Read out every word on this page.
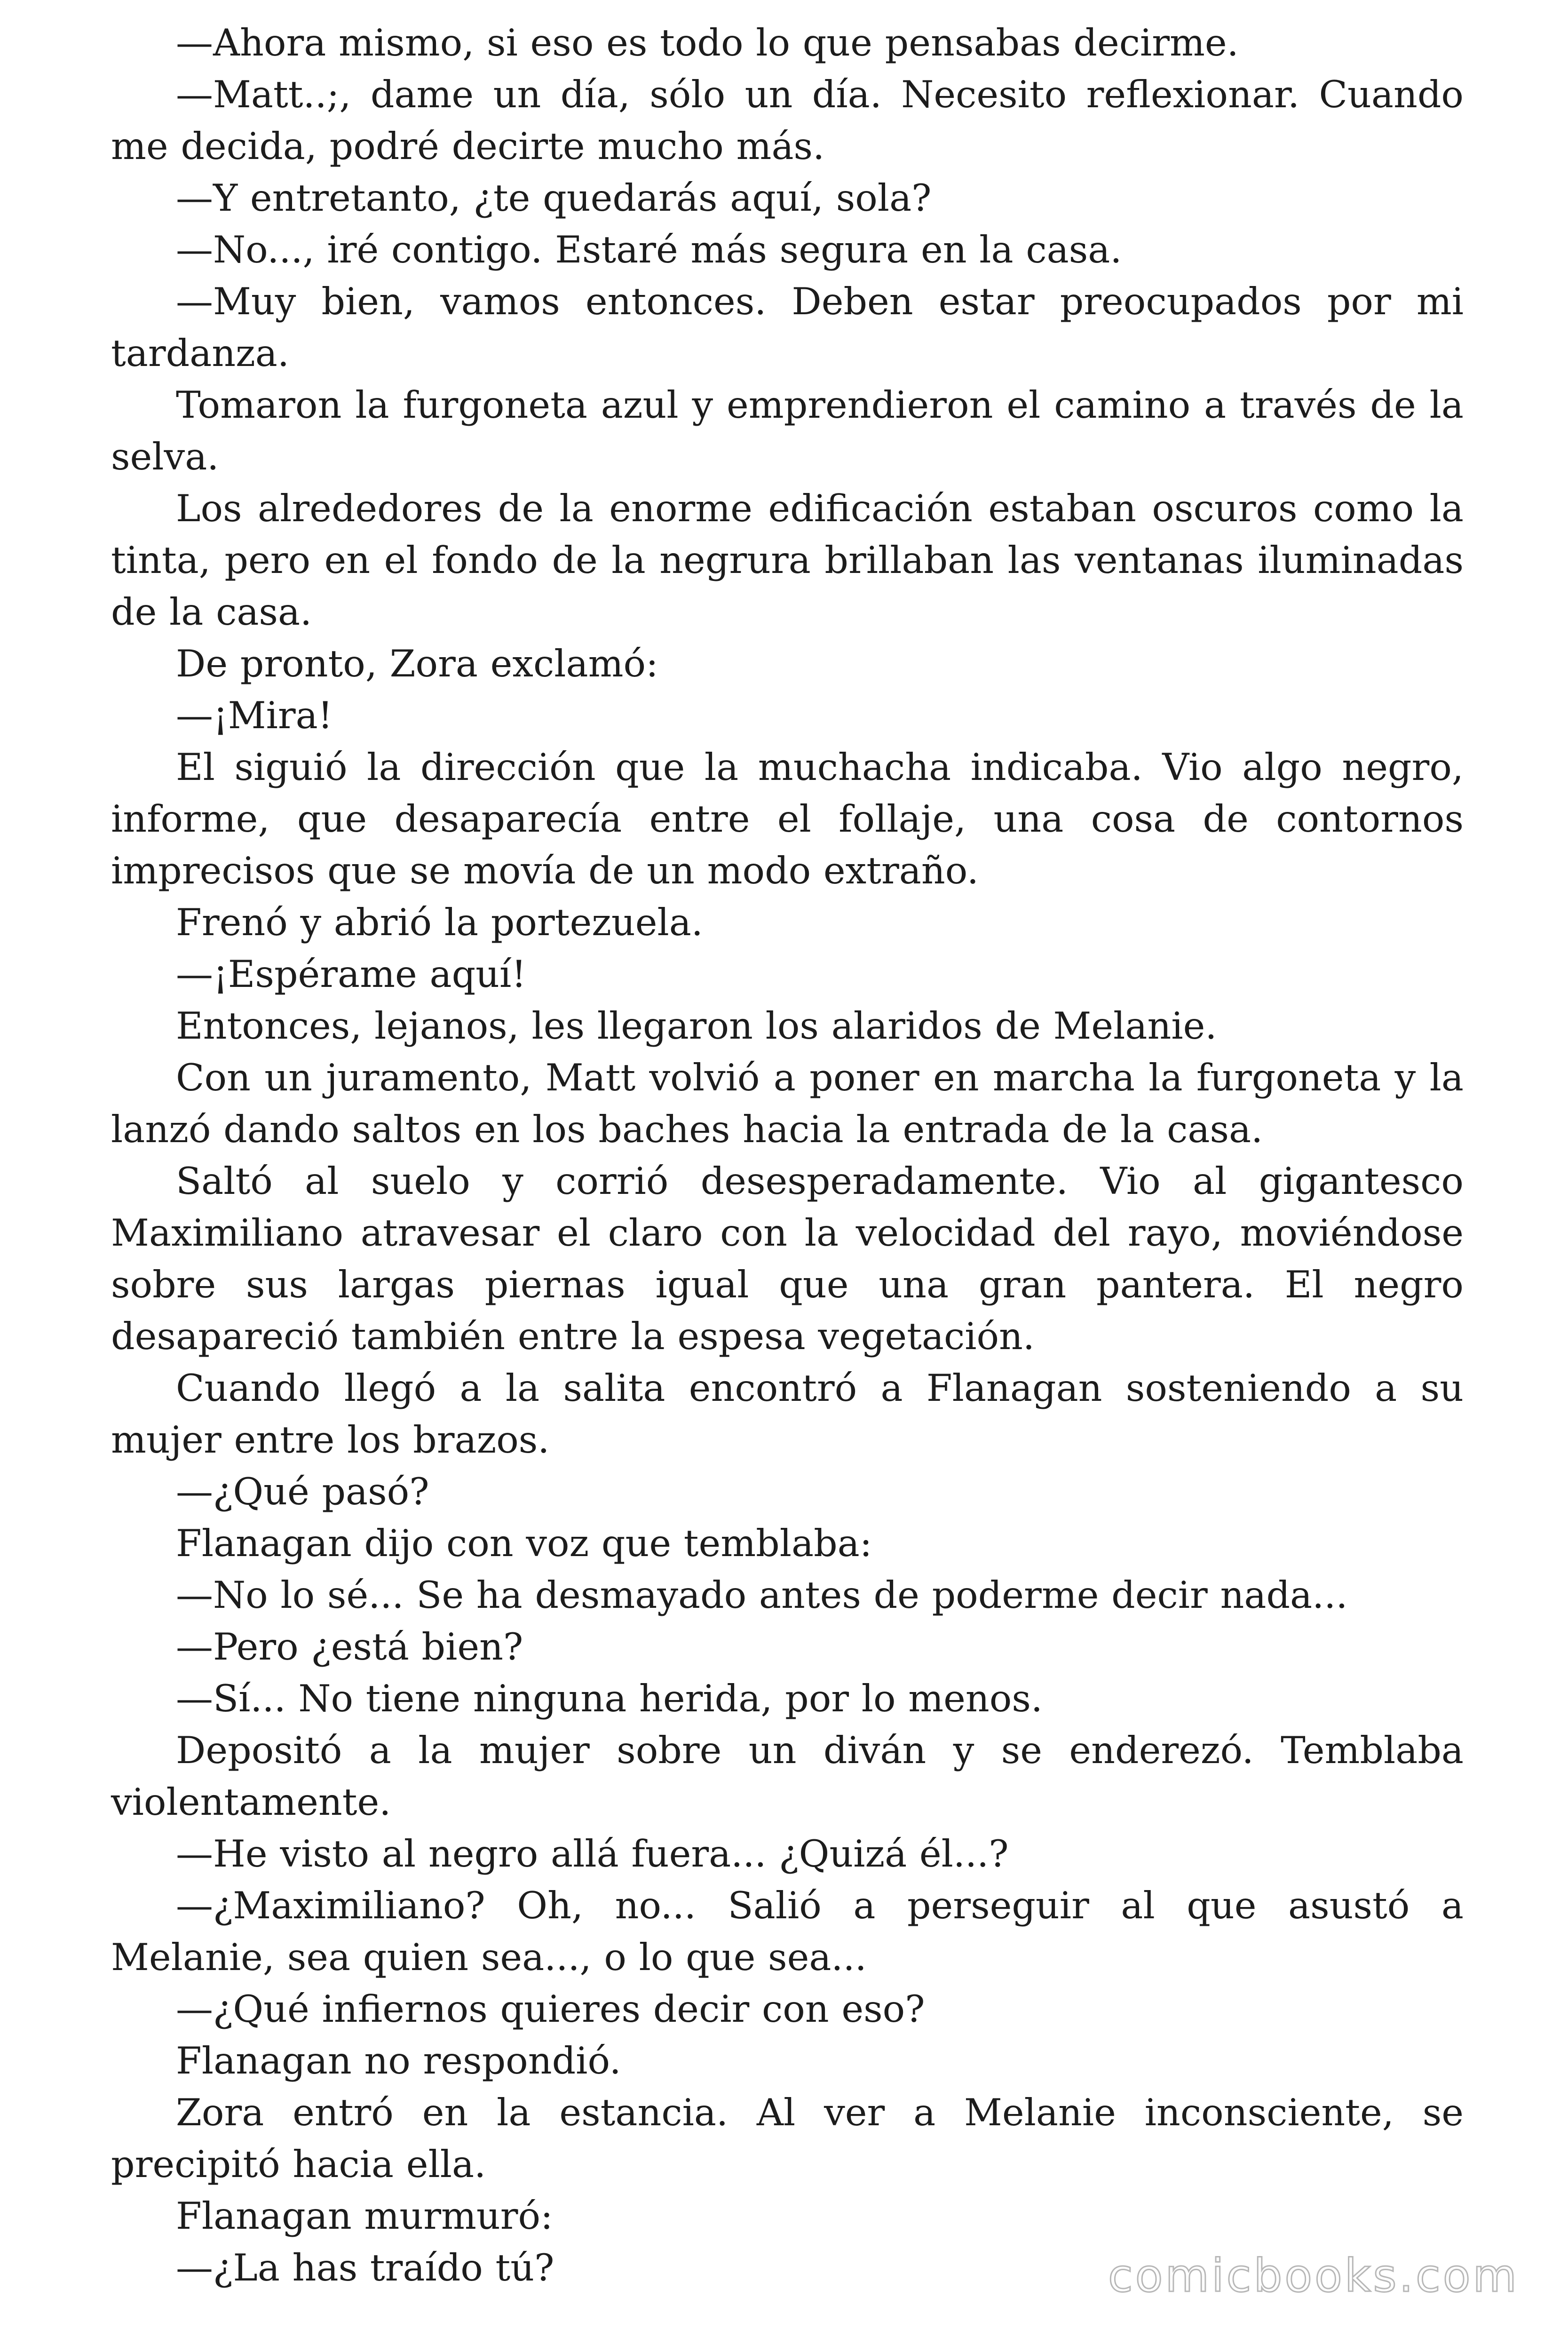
—Ahora mismo, si eso es todo lo que pensabas decirme.

—Matt..;, dame un día, sólo un día. Necesito reflexionar. Cuando me decida, podré decirte mucho más.

—Y entretanto, ¿te quedarás aquí, sola?

—No..., iré contigo. Estaré más segura en la casa.

—Muy bien, vamos entonces. Deben estar preocupados por mi tardanza.

Tomaron la furgoneta azul y emprendieron el camino a través de la selva.

Los alrededores de la enorme edificación estaban oscuros como la tinta, pero en el fondo de la negrura brillaban las ventanas iluminadas de la casa.

De pronto, Zora exclamó:

—¡Mira!

El siguió la dirección que la muchacha indicaba. Vio algo negro, informe, que desaparecía entre el follaje, una cosa de contornos imprecisos que se movía de un modo extraño.

Frenó y abrió la portezuela.

—¡Espérame aquí!

Entonces, lejanos, les llegaron los alaridos de Melanie.

Con un juramento, Matt volvió a poner en marcha la furgoneta y la lanzó dando saltos en los baches hacia la entrada de la casa.

Saltó al suelo y corrió desesperadamente. Vio al gigantesco Maximiliano atravesar el claro con la velocidad del rayo, moviéndose sobre sus largas piernas igual que una gran pantera. El negro desapareció también entre la espesa vegetación.

Cuando llegó a la salita encontró a Flanagan sosteniendo a su mujer entre los brazos.

—¿Qué pasó?

Flanagan dijo con voz que temblaba:

—No lo sé... Se ha desmayado antes de poderme decir nada...

—Pero ¿está bien?

—Sí... No tiene ninguna herida, por lo menos.

Depositó a la mujer sobre un diván y se enderezó. Temblaba violentamente.

—He visto al negro allá fuera... ¿Quizá él...?

—¿Maximiliano? Oh, no... Salió a perseguir al que asustó a Melanie, sea quien sea..., o lo que sea...

—¿Qué infiernos quieres decir con eso?

Flanagan no respondió.

Zora entró en la estancia. Al ver a Melanie inconsciente, se precipitó hacia ella.

Flanagan murmuró:

—¿La has traído tú?	comicbooks.com
